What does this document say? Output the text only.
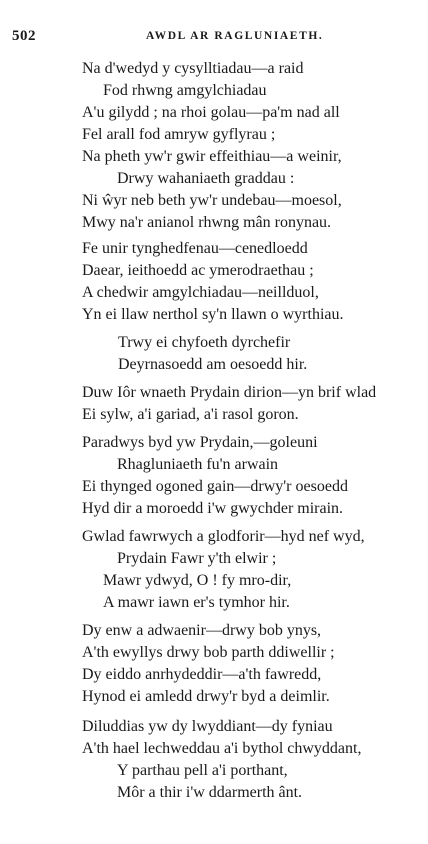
502	AWDL AR RAGLUNIAETH.
Na d'wedyd y cysylltiadau—a raid
Fod rhwng amgylchiadau
A'u gilydd ; na rhoi golau—pa'm nad all
Fel arall fod amryw gyflyrau ;
Na pheth yw'r gwir effeithiau—a weinir,
Drwy wahaniaeth graddau :
Ni ŵyr neb beth yw'r undebau—moesol,
Mwy na'r anianol rhwng mân ronynau.
Fe unir tynghedfenau—cenedloedd
Daear, ieithoedd ac ymerodraethau ;
A chedwir amgylchiadau—neillduol,
Yn ei llaw nerthol sy'n llawn o wyrthiau.
Trwy ei chyfoeth dyrchefir
Deyrnasoedd am oesoedd hir.
Duw Iôr wnaeth Prydain dirion—yn brif wlad
Ei sylw, a'i gariad, a'i rasol goron.
Paradwys byd yw Prydain,—goleuni
Rhagluniaeth fu'n arwain
Ei thynged ogoned gain—drwy'r oesoedd
Hyd dir a moroedd i'w gwychder mirain.
Gwlad fawrwych a glodforir—hyd nef wyd,
Prydain Fawr y'th elwir ;
Mawr ydwyd, O ! fy mro-dir,
A mawr iawn er's tymhor hir.
Dy enw a adwaenir—drwy bob ynys,
A'th ewyllys drwy bob parth ddiwellir ;
Dy eiddo anrhydeddir—a'th fawredd,
Hynod ei amledd drwy'r byd a deimlir.
Diluddias yw dy lwyddiant—dy fyniau
A'th hael lechweddau a'i bythol chwyddant,
Y parthau pell a'i porthant,
Môr a thir i'w ddarmerth ânt.
